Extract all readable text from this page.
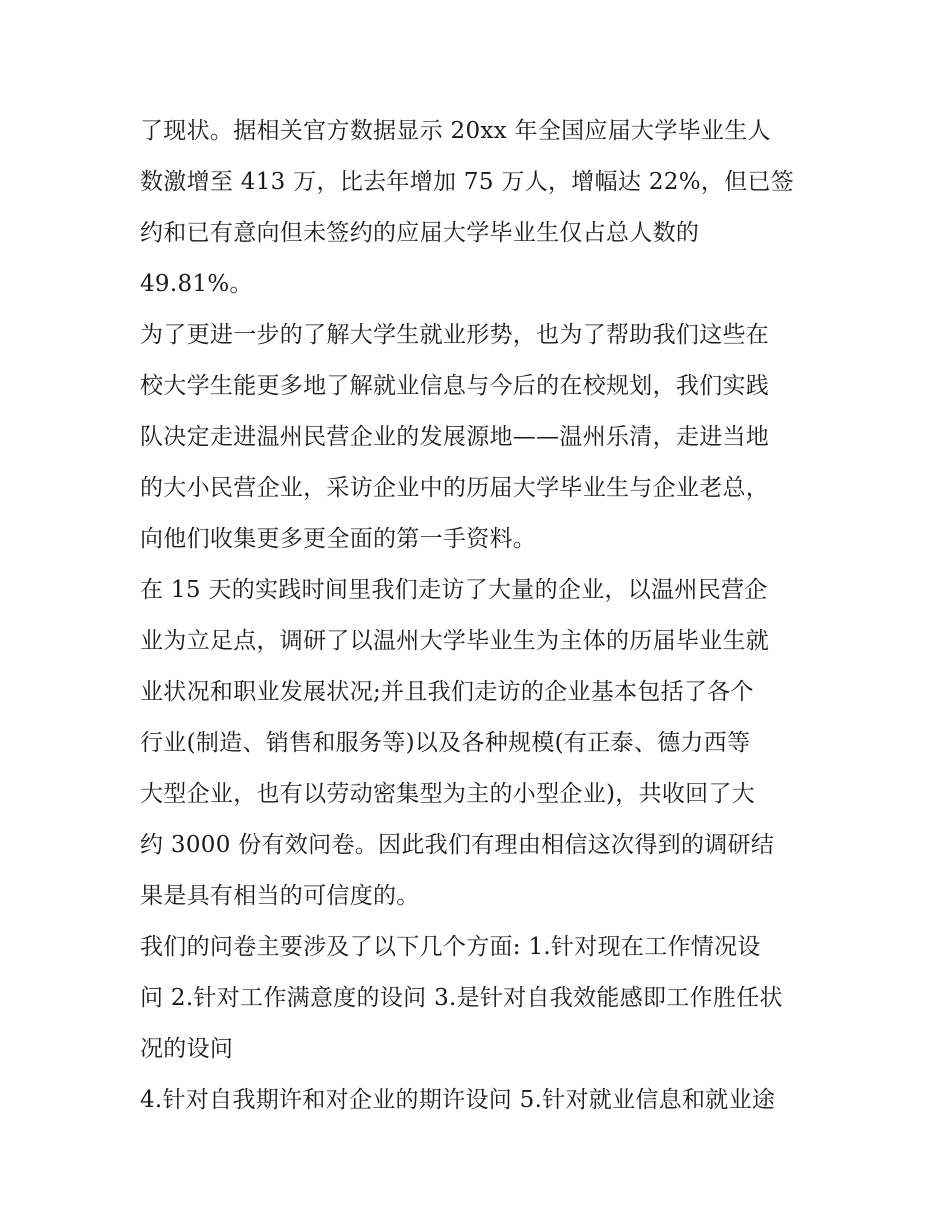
了现状。据相关官方数据显示 20xx 年全国应届大学毕业生人
数激增至 413 万，比去年增加 75 万人，增幅达 22%，但已签
约和已有意向但未签约的应届大学毕业生仅占总人数的
49.81%。
为了更进一步的了解大学生就业形势，也为了帮助我们这些在
校大学生能更多地了解就业信息与今后的在校规划，我们实践
队决定走进温州民营企业的发展源地——温州乐清，走进当地
的大小民营企业，采访企业中的历届大学毕业生与企业老总，
向他们收集更多更全面的第一手资料。
在 15 天的实践时间里我们走访了大量的企业，以温州民营企
业为立足点，调研了以温州大学毕业生为主体的历届毕业生就
业状况和职业发展状况;并且我们走访的企业基本包括了各个
行业(制造、销售和服务等)以及各种规模(有正泰、德力西等
大型企业，也有以劳动密集型为主的小型企业)，共收回了大
约 3000 份有效问卷。因此我们有理由相信这次得到的调研结
果是具有相当的可信度的。
我们的问卷主要涉及了以下几个方面: 1.针对现在工作情况设
问 2.针对工作满意度的设问 3.是针对自我效能感即工作胜任状
况的设问
4.针对自我期许和对企业的期许设问 5.针对就业信息和就业途
